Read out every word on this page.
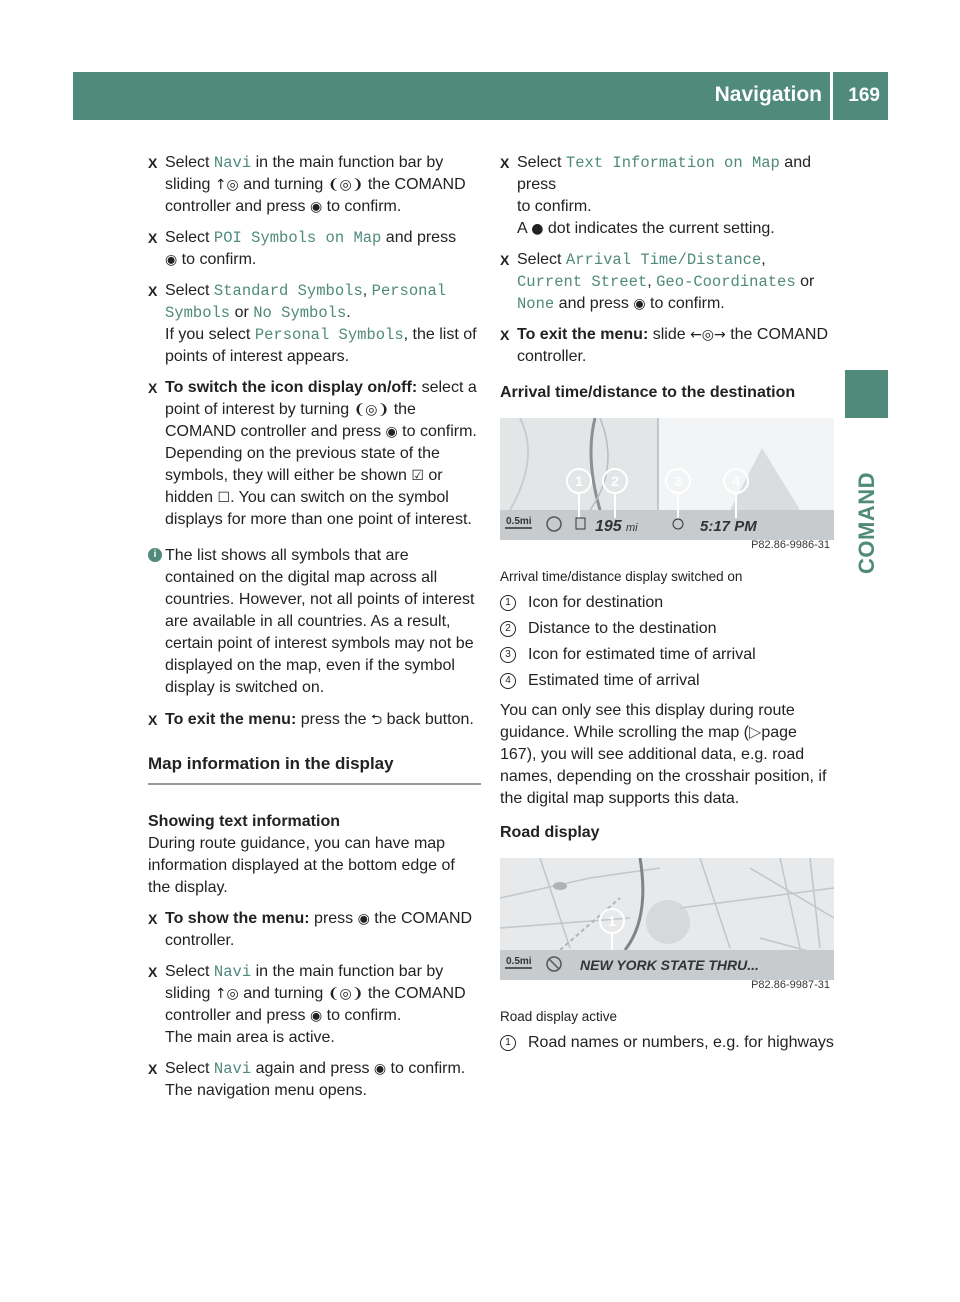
Navigation 169
COMAND
X Select Navi in the main function bar by sliding ↑◎ and turning ❨◎❩ the COMAND controller and press ◉ to confirm.
X Select POI Symbols on Map and press
◉ to confirm.
X Select Standard Symbols, Personal Symbols or No Symbols.
If you select Personal Symbols, the list of points of interest appears.
X To switch the icon display on/off: select a point of interest by turning ❨◎❩ the COMAND controller and press ◉ to confirm.
Depending on the previous state of the symbols, they will either be shown ☑ or hidden ☐. You can switch on the symbol displays for more than one point of interest.
i The list shows all symbols that are contained on the digital map across all countries. However, not all points of interest are available in all countries. As a result, certain point of interest symbols may not be displayed on the map, even if the symbol display is switched on.
X To exit the menu: press the ⮌ back button.
Map information in the display
Showing text information
During route guidance, you can have map information displayed at the bottom edge of the display.
X To show the menu: press ◉ the COMAND controller.
X Select Navi in the main function bar by sliding ↑◎ and turning ❨◎❩ the COMAND controller and press ◉ to confirm.
The main area is active.
X Select Navi again and press ◉ to confirm.
The navigation menu opens.
X Select Text Information on Map and press
to confirm.
A ● dot indicates the current setting.
X Select Arrival Time/Distance,
Current Street, Geo-Coordinates or
None and press ◉ to confirm.
X To exit the menu: slide ←◎→ the COMAND controller.
Arrival time/distance to the destination
1 2	3	4
0.5mi	195 mi	5:17 PM
P82.86-9986-31
Arrival time/distance display switched on
1	Icon for destination
2	Distance to the destination
3	Icon for estimated time of arrival
4	Estimated time of arrival
You can only see this display during route guidance. While scrolling the map (▷page 167), you will see additional data, e.g. road names, depending on the crosshair position, if the digital map supports this data.
Road display
1
0.5mi	NEW YORK STATE THRU...
P82.86-9987-31
Road display active
1	Road names or numbers, e.g. for highways
